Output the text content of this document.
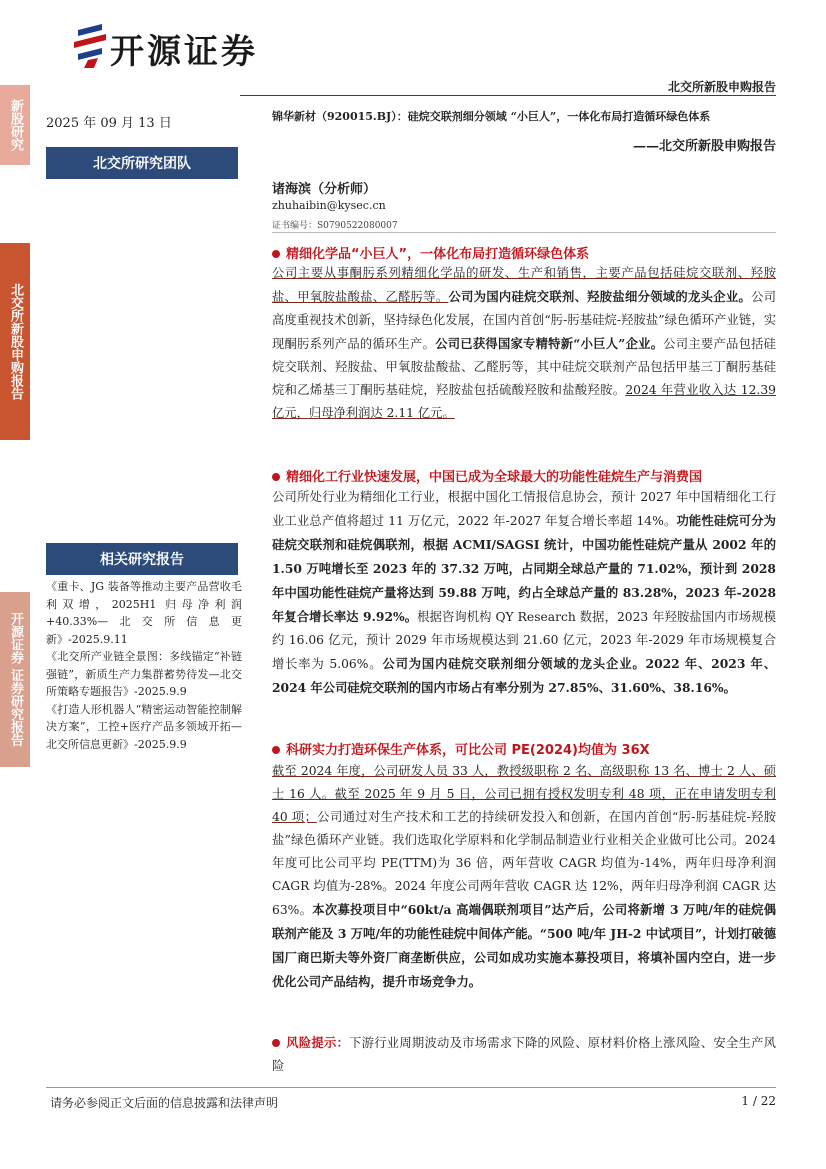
开源证券
北交所新股申购报告
新股研究
北交所新股申购报告
开源证券 证券研究报告
2025 年 09 月 13 日
北交所研究团队
相关研究报告
《重卡、JG 装备等推动主要产品营收毛利双增，2025H1 归母净利润+40.33%—北交所信息更新》-2025.9.11
《北交所产业链全景图：多线锚定“补链强链”，新质生产力集群蓄势待发—北交所策略专题报告》-2025.9.9
《打造人形机器人“精密运动智能控制解决方案”，工控+医疗产品多领域开拓—北交所信息更新》-2025.9.9
锦华新材（920015.BJ）：硅烷交联剂细分领域 “小巨人”，一体化布局打造循环绿色体系
——北交所新股申购报告
诸海滨（分析师）
zhuhaibin@kysec.cn
证书编号：S0790522080007
精细化学品“小巨人”，一体化布局打造循环绿色体系
公司主要从事酮肟系列精细化学品的研发、生产和销售，主要产品包括硅烷交联剂、羟胺盐、甲氧胺盐酸盐、乙醛肟等。公司为国内硅烷交联剂、羟胺盐细分领域的龙头企业。公司高度重视技术创新，坚持绿色化发展，在国内首创“肟-肟基硅烷-羟胺盐”绿色循环产业链，实现酮肟系列产品的循环生产。公司已获得国家专精特新“小巨人”企业。公司主要产品包括硅烷交联剂、羟胺盐、甲氧胺盐酸盐、乙醛肟等，其中硅烷交联剂产品包括甲基三丁酮肟基硅烷和乙烯基三丁酮肟基硅烷，羟胺盐包括硫酸羟胺和盐酸羟胺。2024 年营业收入达 12.39 亿元，归母净利润达 2.11 亿元。
精细化工行业快速发展，中国已成为全球最大的功能性硅烷生产与消费国
公司所处行业为精细化工行业，根据中国化工情报信息协会，预计 2027 年中国精细化工行业工业总产值将超过 11 万亿元，2022 年-2027 年复合增长率超 14%。功能性硅烷可分为硅烷交联剂和硅烷偶联剂，根据 ACMI/SAGSI 统计，中国功能性硅烷产量从 2002 年的 1.50 万吨增长至 2023 年的 37.32 万吨，占同期全球总产量的 71.02%，预计到 2028 年中国功能性硅烷产量将达到 59.88 万吨，约占全球总产量的 83.28%，2023 年-2028 年复合增长率达 9.92%。根据咨询机构 QY Research 数据，2023 年羟胺盐国内市场规模约 16.06 亿元，预计 2029 年市场规模达到 21.60 亿元，2023 年-2029 年市场规模复合增长率为 5.06%。公司为国内硅烷交联剂细分领域的龙头企业。2022 年、2023 年、2024 年公司硅烷交联剂的国内市场占有率分别为 27.85%、31.60%、38.16%。
科研实力打造环保生产体系，可比公司 PE(2024)均值为 36X
截至 2024 年度，公司研发人员 33 人，教授级职称 2 名、高级职称 13 名、博士 2 人、硕士 16 人。截至 2025 年 9 月 5 日，公司已拥有授权发明专利 48 项，正在申请发明专利 40 项；公司通过对生产技术和工艺的持续研发投入和创新，在国内首创“肟-肟基硅烷-羟胺盐”绿色循环产业链。我们选取化学原料和化学制品制造业行业相关企业做可比公司。2024 年度可比公司平均 PE(TTM)为 36 倍，两年营收 CAGR 均值为-14%，两年归母净利润 CAGR 均值为-28%。2024 年度公司两年营收 CAGR 达 12%，两年归母净利润 CAGR 达 63%。本次募投项目中“60kt/a 高端偶联剂项目”达产后，公司将新增 3 万吨/年的硅烷偶联剂产能及 3 万吨/年的功能性硅烷中间体产能。“500 吨/年 JH-2 中试项目”，计划打破德国厂商巴斯夫等外资厂商垄断供应，公司如成功实施本募投项目，将填补国内空白，进一步优化公司产品结构，提升市场竞争力。
风险提示：下游行业周期波动及市场需求下降的风险、原材料价格上涨风险、安全生产风险
请务必参阅正文后面的信息披露和法律声明	1 / 22
